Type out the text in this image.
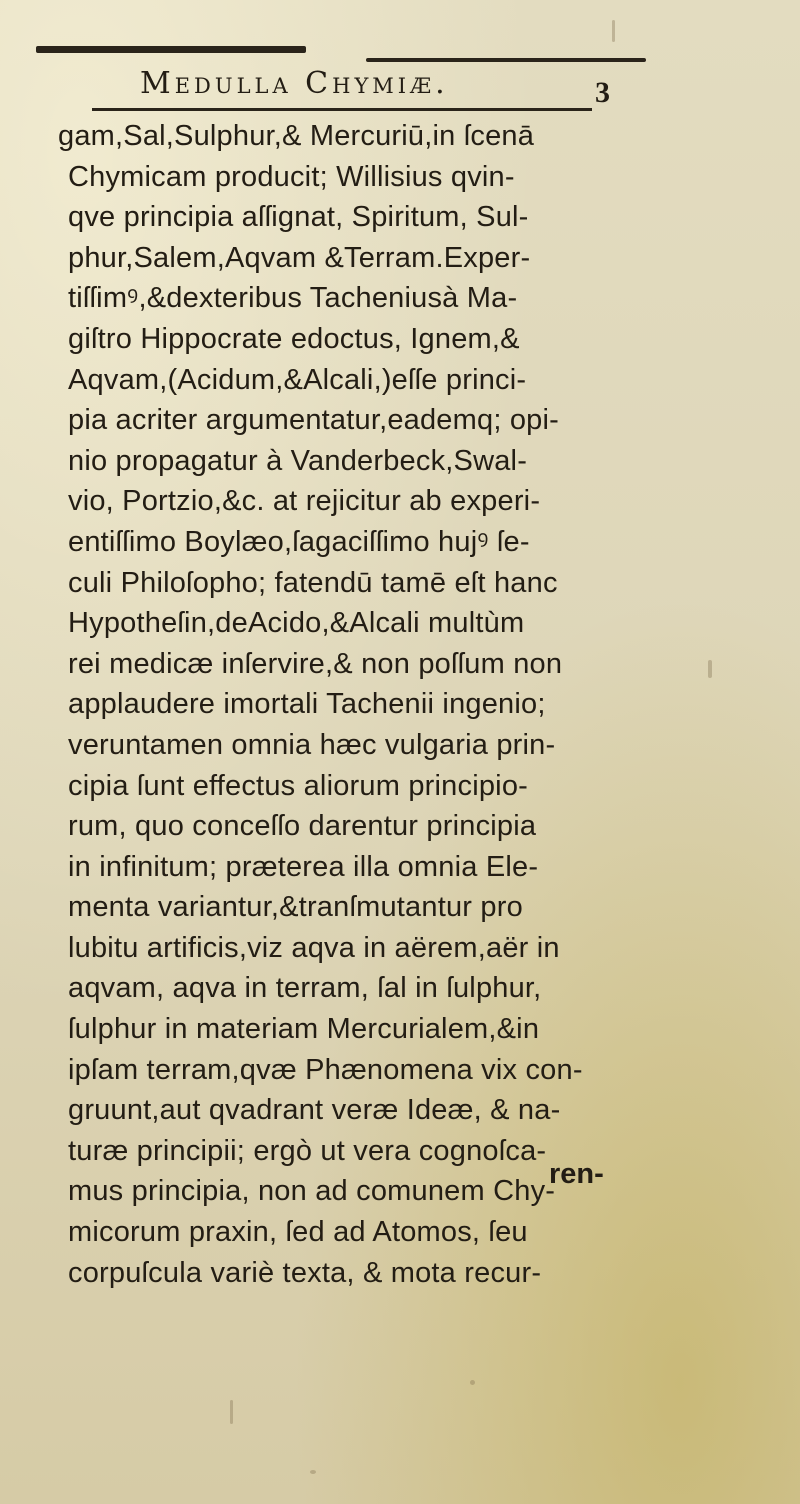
Medulla Chymiæ.	3
gam,Sal,Sulphur,& Mercuriū,in ſcenā
Chymicam producit; Willisius qvin-
qve principia aſſignat, Spiritum, Sul-
phur,Salem,Aqvam &Terram.Exper-
tiſſimꝰ,&dexteribus Tacheniusà Ma-
giſtro Hippocrate edoctus, Ignem,&
Aqvam,(Acidum,&Alcali,)eſſe princi-
pia acriter argumentatur,eademq; opi-
nio propagatur à Vanderbeck,Swal-
vio, Portzio,&c. at rejicitur ab experi-
entiſſimo Boylæo,ſagaciſſimo hujꝰ ſe-
culi Philoſopho; fatendū tamē eſt hanc
Hypotheſin,deAcido,&Alcali multùm
rei medicæ inſervire,& non poſſum non
applaudere imortali Tachenii ingenio;
veruntamen omnia hæc vulgaria prin-
cipia ſunt effectus aliorum principio-
rum, quo conceſſo darentur principia
in infinitum; præterea illa omnia Ele-
menta variantur,&tranſmutantur pro
lubitu artificis,viz aqva in aërem,aër in
aqvam, aqva in terram, ſal in ſulphur,
ſulphur in materiam Mercurialem,&in
ipſam terram,qvæ Phænomena vix con-
gruunt,aut qvadrant veræ Ideæ, & na-
turæ principii; ergò ut vera cognoſca-
mus principia, non ad comunem Chy-
micorum praxin, ſed ad Atomos, ſeu
corpuſcula variè texta, & mota recur-
ren-
